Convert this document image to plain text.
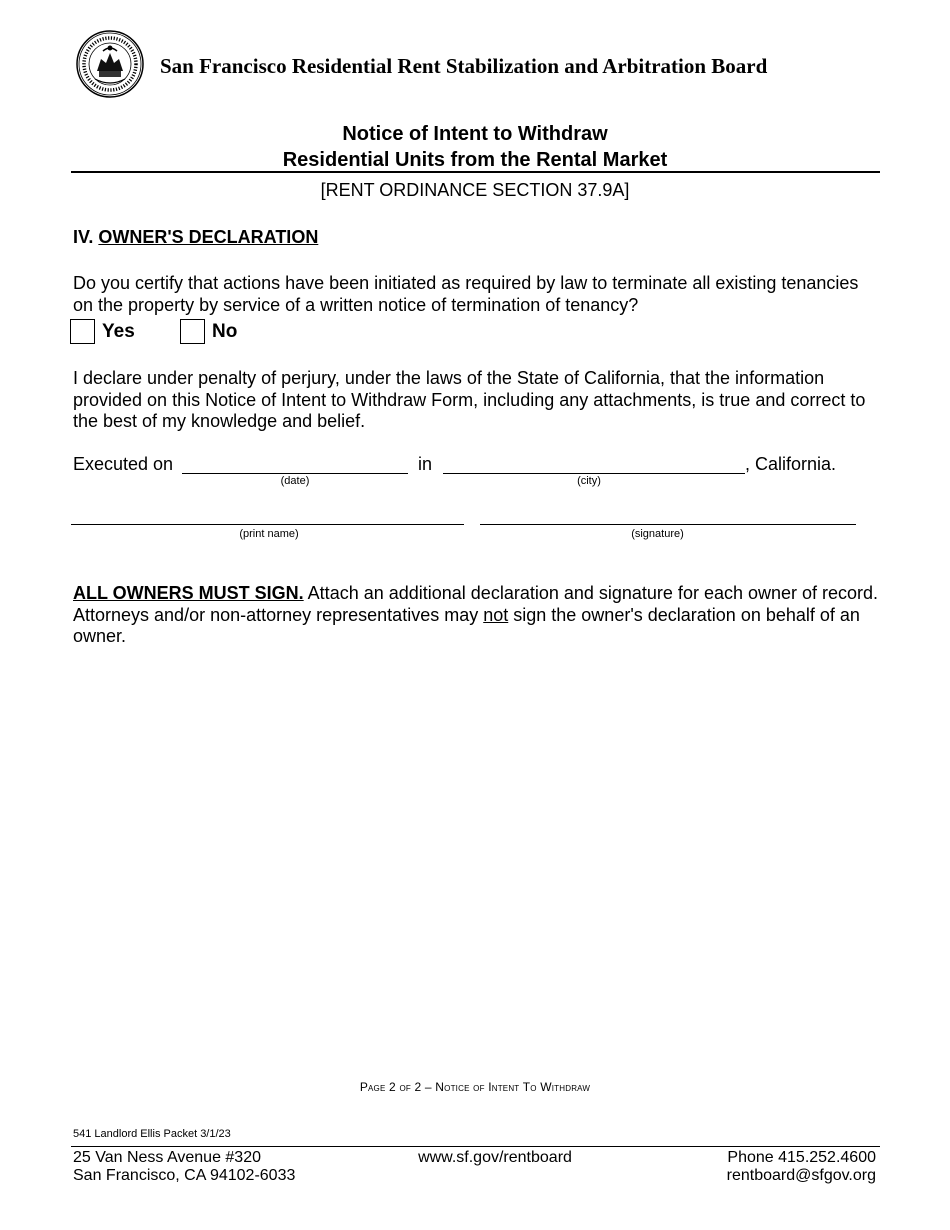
San Francisco Residential Rent Stabilization and Arbitration Board
Notice of Intent to Withdraw
Residential Units from the Rental Market
[RENT ORDINANCE SECTION 37.9A]
IV. OWNER'S DECLARATION
Do you certify that actions have been initiated as required by law to terminate all existing tenancies on the property by service of a written notice of termination of tenancy?
Yes	No
I declare under penalty of perjury, under the laws of the State of California, that the information provided on this Notice of Intent to Withdraw Form, including any attachments, is true and correct to the best of my knowledge and belief.
Executed on
(date)
in
(city)
, California.
(print name)	(signature)
ALL OWNERS MUST SIGN. Attach an additional declaration and signature for each owner of record. Attorneys and/or non-attorney representatives may not sign the owner's declaration on behalf of an owner.
Page 2 of 2 – Notice of Intent To Withdraw
541 Landlord Ellis Packet 3/1/23
25 Van Ness Avenue #320
San Francisco, CA 94102-6033
www.sf.gov/rentboard	Phone 415.252.4600
rentboard@sfgov.org
